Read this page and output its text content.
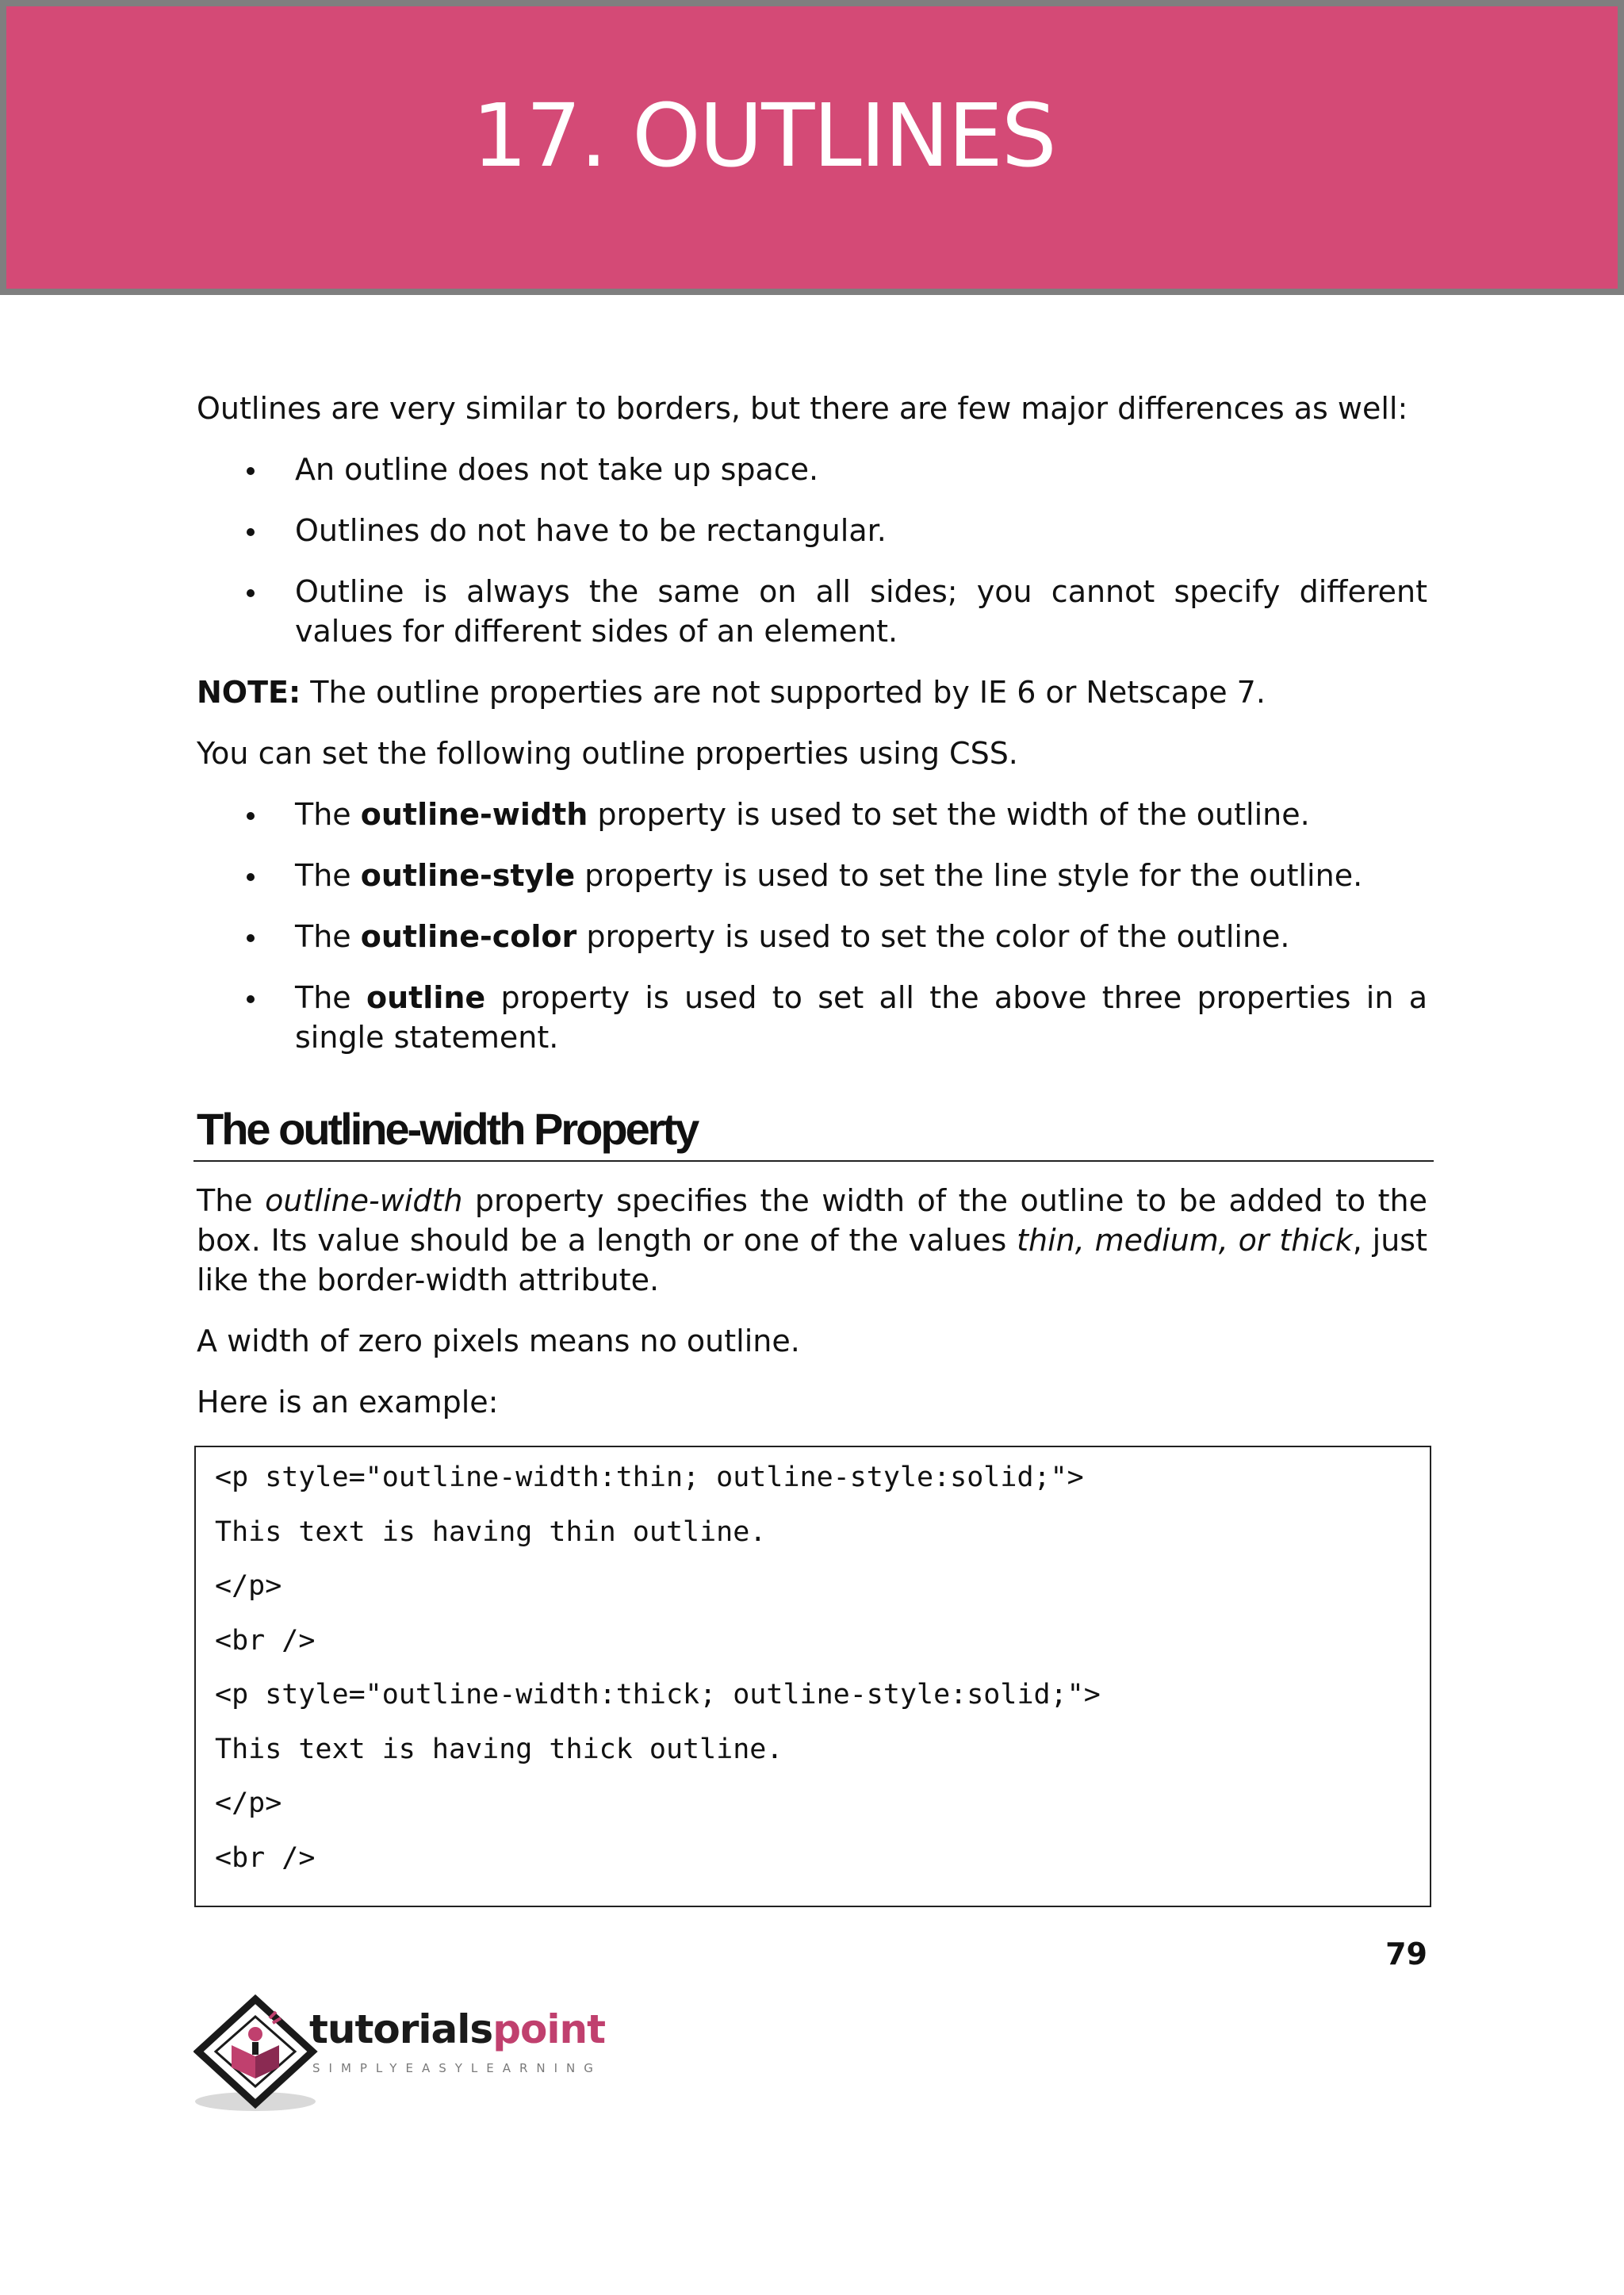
17. OUTLINES

Outlines are very similar to borders, but there are few major differences as well:

An outline does not take up space.
Outlines do not have to be rectangular.
Outline is always the same on all sides; you cannot specify different values for different sides of an element.

NOTE: The outline properties are not supported by IE 6 or Netscape 7.

You can set the following outline properties using CSS.

The outline-width property is used to set the width of the outline.
The outline-style property is used to set the line style for the outline.
The outline-color property is used to set the color of the outline.
The outline property is used to set all the above three properties in a single statement.
The outline-width Property

The outline-width property specifies the width of the outline to be added to the box. Its value should be a length or one of the values thin, medium, or thick, just like the border-width attribute.

A width of zero pixels means no outline.

Here is an example:

<p style="outline-width:thin; outline-style:solid;">
This text is having thin outline.
</p>
<br />
<p style="outline-width:thick; outline-style:solid;">
This text is having thick outline.
</p>
<br />
79
tutorialspoint
SIMPLYEASYLEARNING
